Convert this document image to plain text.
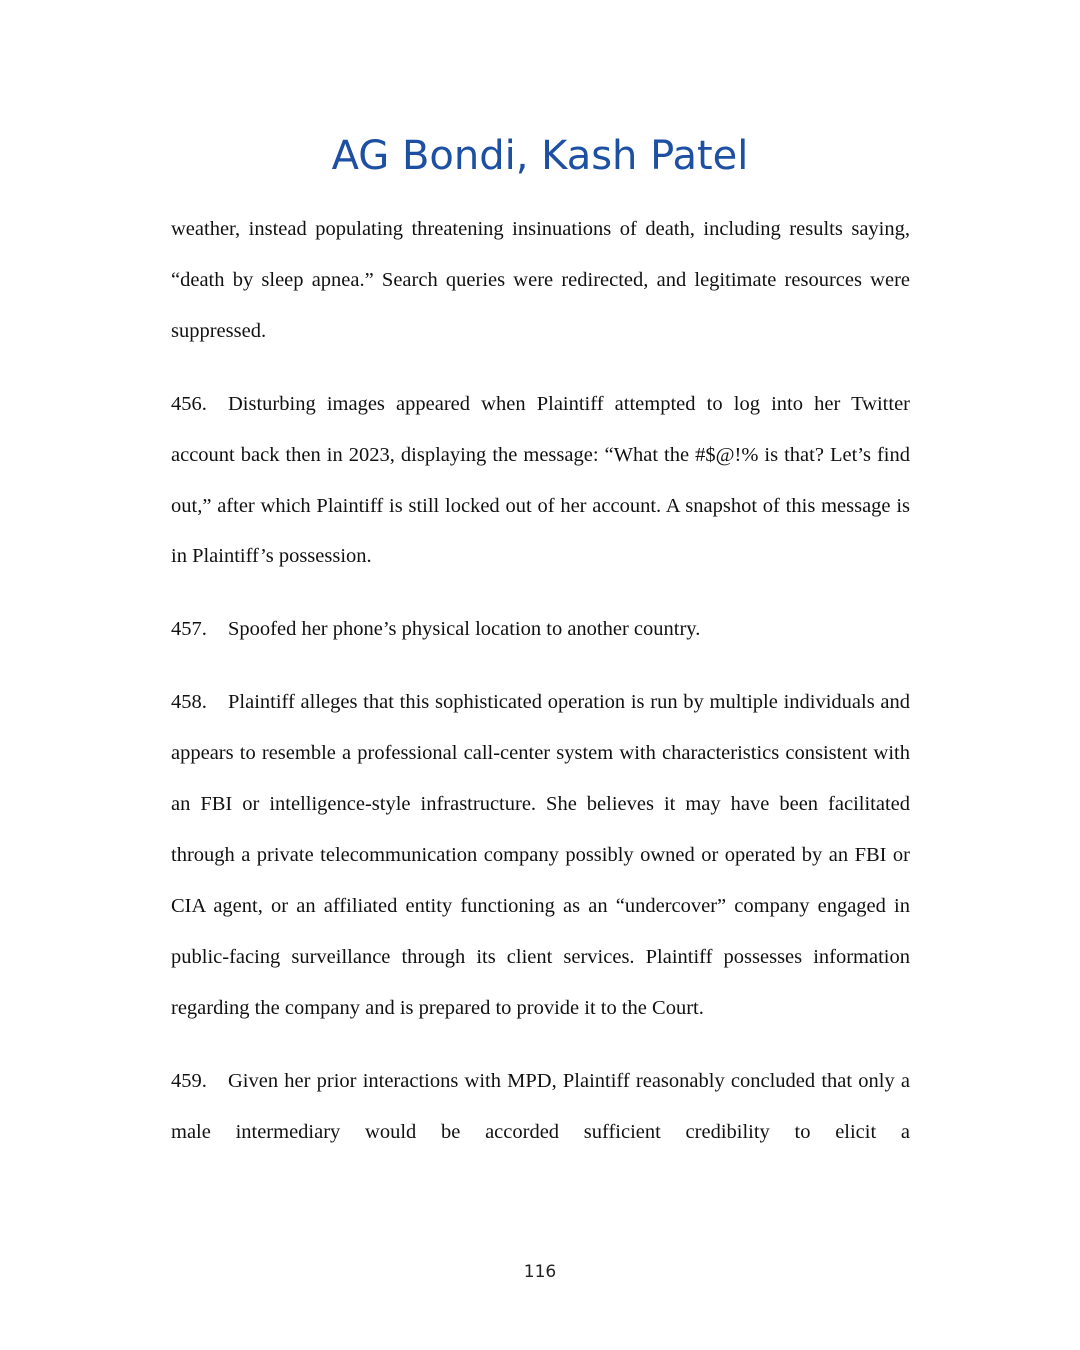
AG Bondi, Kash Patel

weather, instead populating threatening insinuations of death, including results saying, “death by sleep apnea.” Search queries were redirected, and legitimate resources were suppressed.

456. Disturbing images appeared when Plaintiff attempted to log into her Twitter account back then in 2023, displaying the message: “What the #$@!% is that? Let’s find out,” after which Plaintiff is still locked out of her account. A snapshot of this message is in Plaintiff’s possession.

457. Spoofed her phone’s physical location to another country.

458. Plaintiff alleges that this sophisticated operation is run by multiple individuals and appears to resemble a professional call-center system with characteristics consistent with an FBI or intelligence-style infrastructure. She believes it may have been facilitated through a private telecommunication company possibly owned or operated by an FBI or CIA agent, or an affiliated entity functioning as an “undercover” company engaged in public-facing surveillance through its client services. Plaintiff possesses information regarding the company and is prepared to provide it to the Court.

459. Given her prior interactions with MPD, Plaintiff reasonably concluded that only a male intermediary would be accorded sufficient credibility to elicit a

116
